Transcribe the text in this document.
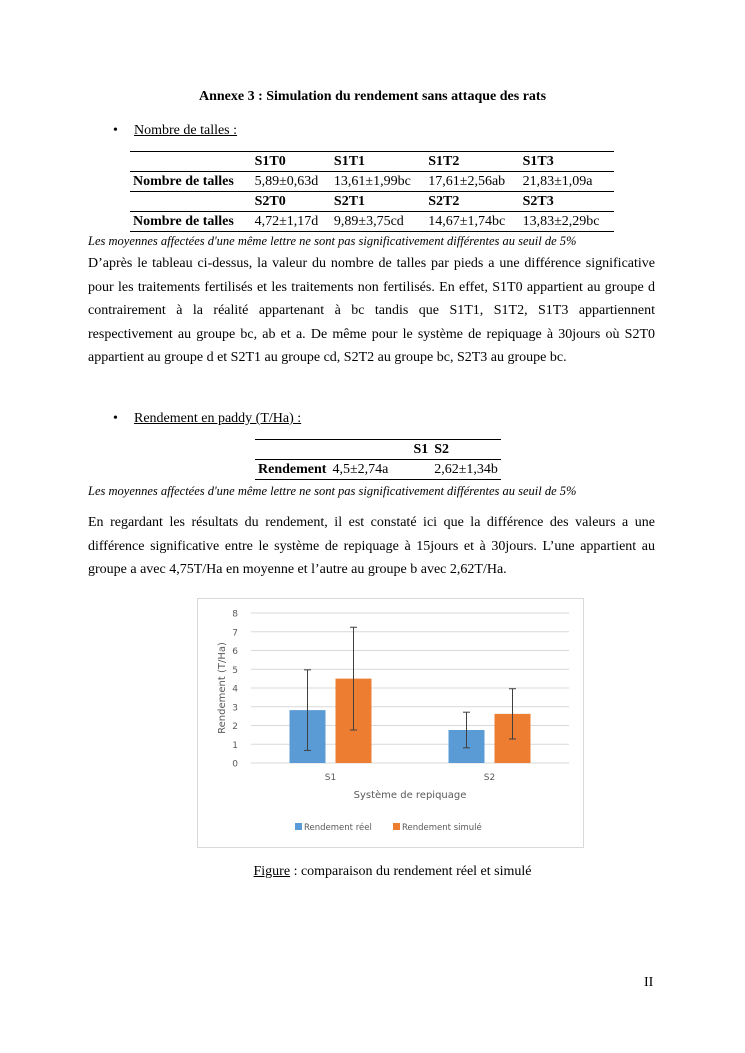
Annexe 3 : Simulation du rendement sans attaque des rats
• Nombre de talles :
	S1T0	S1T1	S1T2	S1T3
Nombre de talles	5,89±0,63d	13,61±1,99bc	17,61±2,56ab	21,83±1,09a
	S2T0	S2T1	S2T2	S2T3
Nombre de talles	4,72±1,17d	9,89±3,75cd	14,67±1,74bc	13,83±2,29bc
Les moyennes affectées d'une même lettre ne sont pas significativement différentes au seuil de 5%
D’après le tableau ci-dessus, la valeur du nombre de talles par pieds a une différence significative pour les traitements fertilisés et les traitements non fertilisés. En effet, S1T0 appartient au groupe d contrairement à la réalité appartenant à bc tandis que S1T1, S1T2, S1T3 appartiennent respectivement au groupe bc, ab et a. De même pour le système de repiquage à 30jours où S2T0 appartient au groupe d et S2T1 au groupe cd, S2T2 au groupe bc, S2T3 au groupe bc.
• Rendement en paddy (T/Ha) :
	S1	S2
Rendement	4,5±2,74a	2,62±1,34b
Les moyennes affectées d'une même lettre ne sont pas significativement différentes au seuil de 5%
En regardant les résultats du rendement, il est constaté ici que la différence des valeurs a une différence significative entre le système de repiquage à 15jours et à 30jours. L’une appartient au groupe a avec 4,75T/Ha en moyenne et l’autre au groupe b avec 2,62T/Ha.
0
1
2
3
4
5
6
7
8
S1	S2
Système de repiquage
Rendement (T/Ha)
Rendement réel	Rendement simulé
Figure : comparaison du rendement réel et simulé
II
